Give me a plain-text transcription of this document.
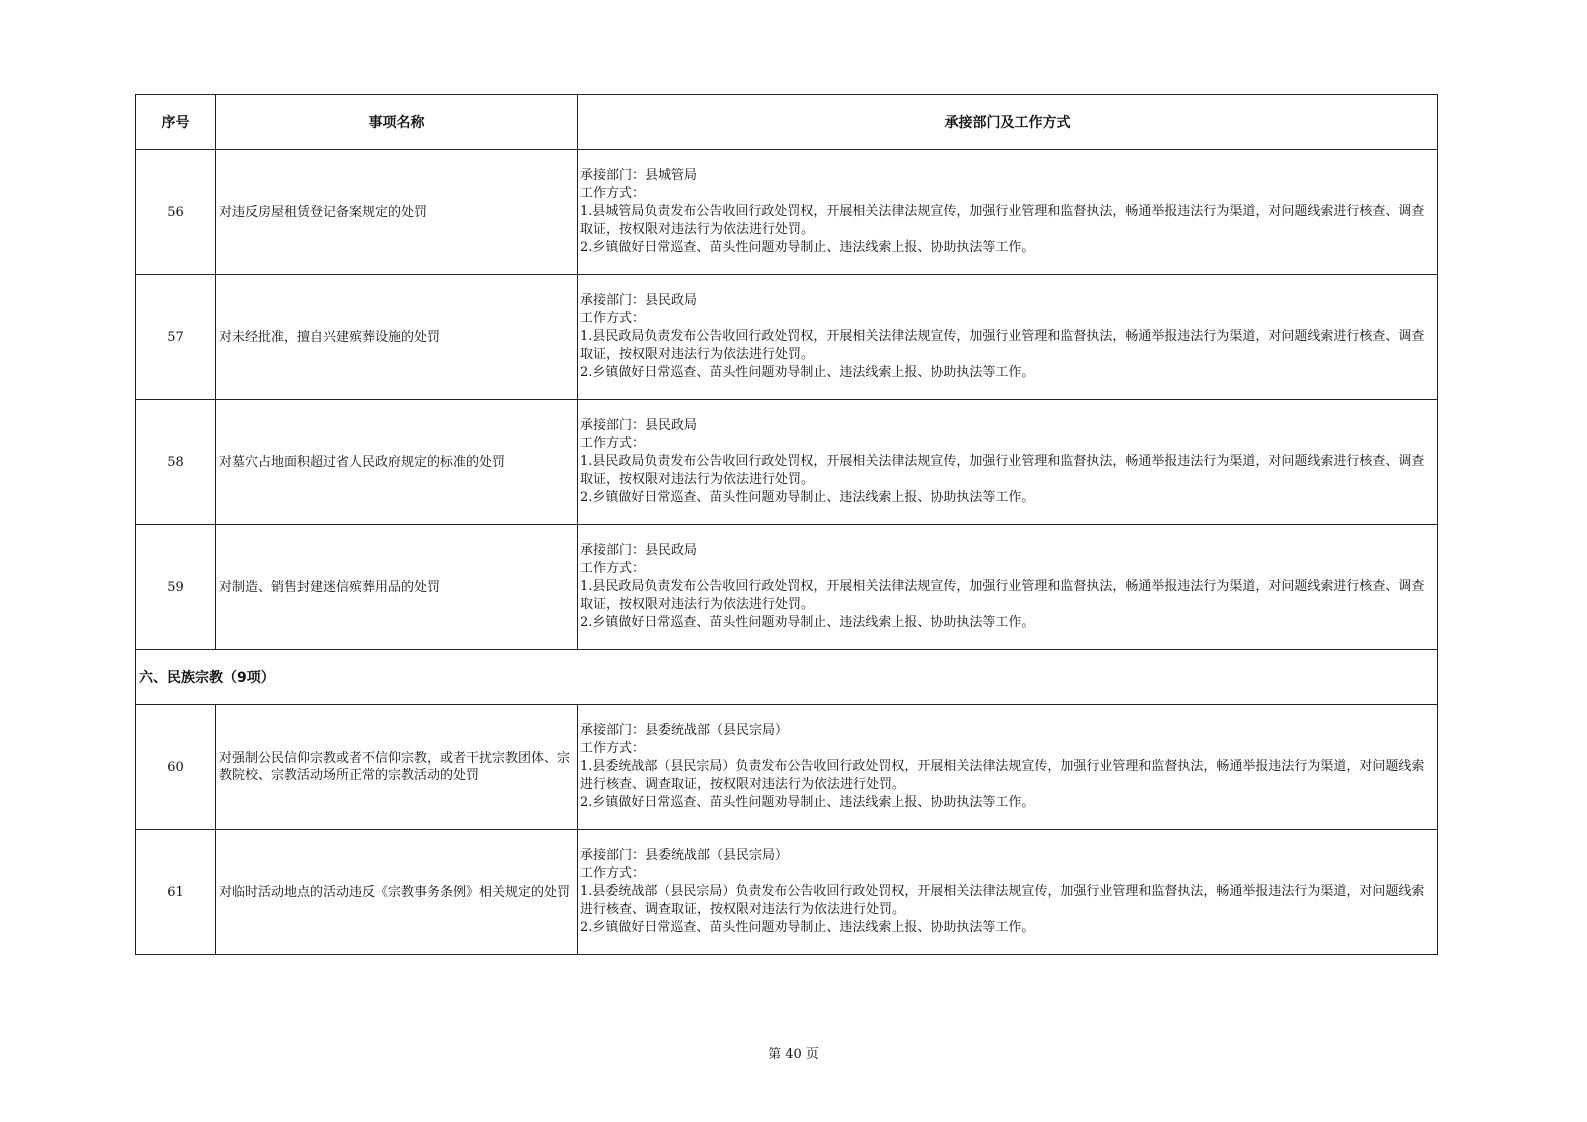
序号	事项名称	承接部门及工作方式
56	对违反房屋租赁登记备案规定的处罚	承接部门：县城管局
工作方式：
1.县城管局负责发布公告收回行政处罚权，开展相关法律法规宣传，加强行业管理和监督执法，畅通举报违法行为渠道，对问题线索进行核查、调查取证，按权限对违法行为依法进行处罚。
2.乡镇做好日常巡查、苗头性问题劝导制止、违法线索上报、协助执法等工作。

57	对未经批准，擅自兴建殡葬设施的处罚	承接部门：县民政局
工作方式：
1.县民政局负责发布公告收回行政处罚权，开展相关法律法规宣传，加强行业管理和监督执法，畅通举报违法行为渠道，对问题线索进行核查、调查取证，按权限对违法行为依法进行处罚。
2.乡镇做好日常巡查、苗头性问题劝导制止、违法线索上报、协助执法等工作。

58	对墓穴占地面积超过省人民政府规定的标准的处罚	承接部门：县民政局
工作方式：
1.县民政局负责发布公告收回行政处罚权，开展相关法律法规宣传，加强行业管理和监督执法，畅通举报违法行为渠道，对问题线索进行核查、调查取证，按权限对违法行为依法进行处罚。
2.乡镇做好日常巡查、苗头性问题劝导制止、违法线索上报、协助执法等工作。

59	对制造、销售封建迷信殡葬用品的处罚	承接部门：县民政局
工作方式：
1.县民政局负责发布公告收回行政处罚权，开展相关法律法规宣传，加强行业管理和监督执法，畅通举报违法行为渠道，对问题线索进行核查、调查取证，按权限对违法行为依法进行处罚。
2.乡镇做好日常巡查、苗头性问题劝导制止、违法线索上报、协助执法等工作。

六、民族宗教（9项）		
60	对强制公民信仰宗教或者不信仰宗教，或者干扰宗教团体、宗教院校、宗教活动场所正常的宗教活动的处罚	承接部门：县委统战部（县民宗局）
工作方式：
1.县委统战部（县民宗局）负责发布公告收回行政处罚权，开展相关法律法规宣传，加强行业管理和监督执法，畅通举报违法行为渠道，对问题线索进行核查、调查取证，按权限对违法行为依法进行处罚。
2.乡镇做好日常巡查、苗头性问题劝导制止、违法线索上报、协助执法等工作。

61	对临时活动地点的活动违反《宗教事务条例》相关规定的处罚	承接部门：县委统战部（县民宗局）
工作方式：
1.县委统战部（县民宗局）负责发布公告收回行政处罚权，开展相关法律法规宣传，加强行业管理和监督执法，畅通举报违法行为渠道，对问题线索进行核查、调查取证，按权限对违法行为依法进行处罚。
2.乡镇做好日常巡查、苗头性问题劝导制止、违法线索上报、协助执法等工作。
第 40 页
